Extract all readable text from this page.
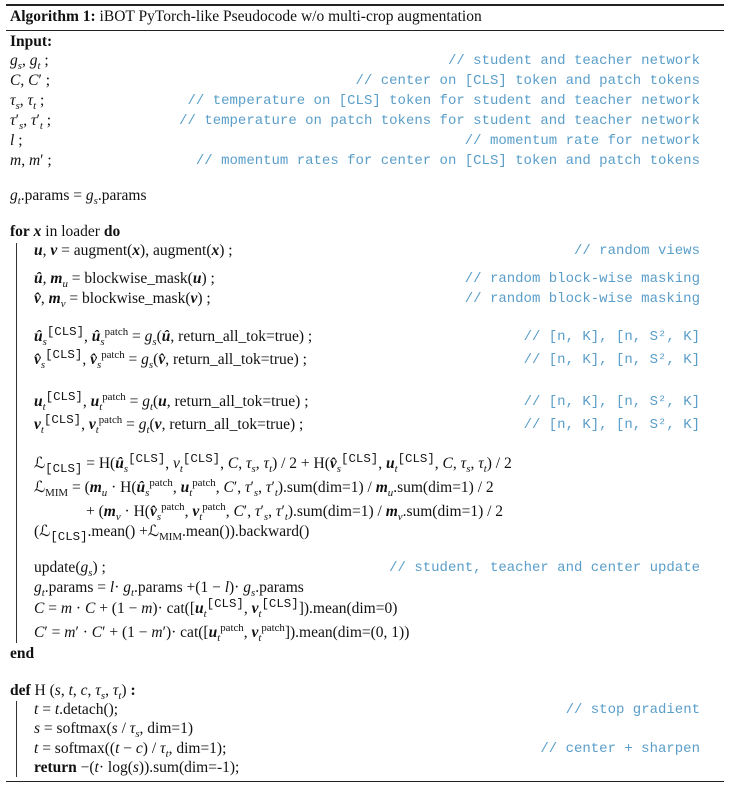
Algorithm 1: iBOT PyTorch-like Pseudocode w/o multi-crop augmentation
Input:
$g_s$, $g_t$ ;	// student and teacher network
C, C′ ;	// center on [CLS] token and patch tokens
$\tau_s$, $\tau_t$ ;	// temperature on [CLS] token for student and teacher network
$\tau'_s$, $\tau'_t$ ;	// temperature on patch tokens for student and teacher network
l ;	// momentum rate for network
m, m′ ;	// momentum rates for center on [CLS] token and patch tokens
$g_t.params$ = $g_s.params$
for x in loader do
u, v = augment(x), augment(x) ;	// random views
û, $m_u$ = blockwise_mask(u) ;	// random block-wise masking
v̂, $m_v$ = blockwise_mask(v) ;	// random block-wise masking
$û_s[CLS]$, $û_s^{patch}$ = $g_s(û$, return_all_tok=true) ;	// [n, K], [n, S², K]
$v̂_s[CLS]$, $v̂_s^{patch}$ = $g_s(v̂$, return_all_tok=true) ;	// [n, K], [n, S², K]
$u_t[CLS]$, $u_t^{patch} = g_t(u$, return_all_tok=true) ;	// [n, K], [n, S², K]
$v_t[CLS]$, $v_t^{patch} = g_t(v$, return_all_tok=true) ;	// [n, K], [n, S², K]
ℒ$_{[CLS]}$ = $H(û_s[CLS]$, $v_t[CLS]$, C, $\tau_s$, $\tau_t) / 2$ + $H(v̂_s[CLS]$, $u_t[CLS]$, C, $\tau_s$, $\tau_t) / 2$
ℒ$_{MIM}$ = ($m_u$ · $H(û_s^{patch}$, $u_t^{patch}$, C′, $\tau'_s$, $\tau'_t).sum(dim=1) / m_u.sum(dim=1) / 2$
+ ($m_v$ · $H(v̂_s^{patch}$, $v_t^{patch}$, C′, $\tau'_s$, $\tau'_t).sum(dim=1) / m_v.sum(dim=1) / 2$
(ℒ$_{[CLS]}$.mean() +ℒ$_{MIM}$.mean()).backward()
$update(g_s)$ ;	// student, teacher and center update
$g_t.params = l\cdot$ $g_t.params +(1 - l)\cdot$ $g_s.params$
$C = m \cdot C + (1 - m)\cdot cat([u_t[CLS]$, $v_t[CLS]]).mean(dim=0)$
$C' = m' \cdot C' + (1 - m')\cdot cat([u_t^{patch}$, $v_t^{patch}]).mean(dim=(0$, 1))
end
def H (s, t, c, $\tau_s$, $\tau_t$) :
t = t.detach();	// stop gradient
s = softmax(s / $\tau_s$, dim=1)
t = softmax((t − $c) / \tau_t$, dim=1);	// center + sharpen
return −(t· log(s)).sum(dim=-1);
